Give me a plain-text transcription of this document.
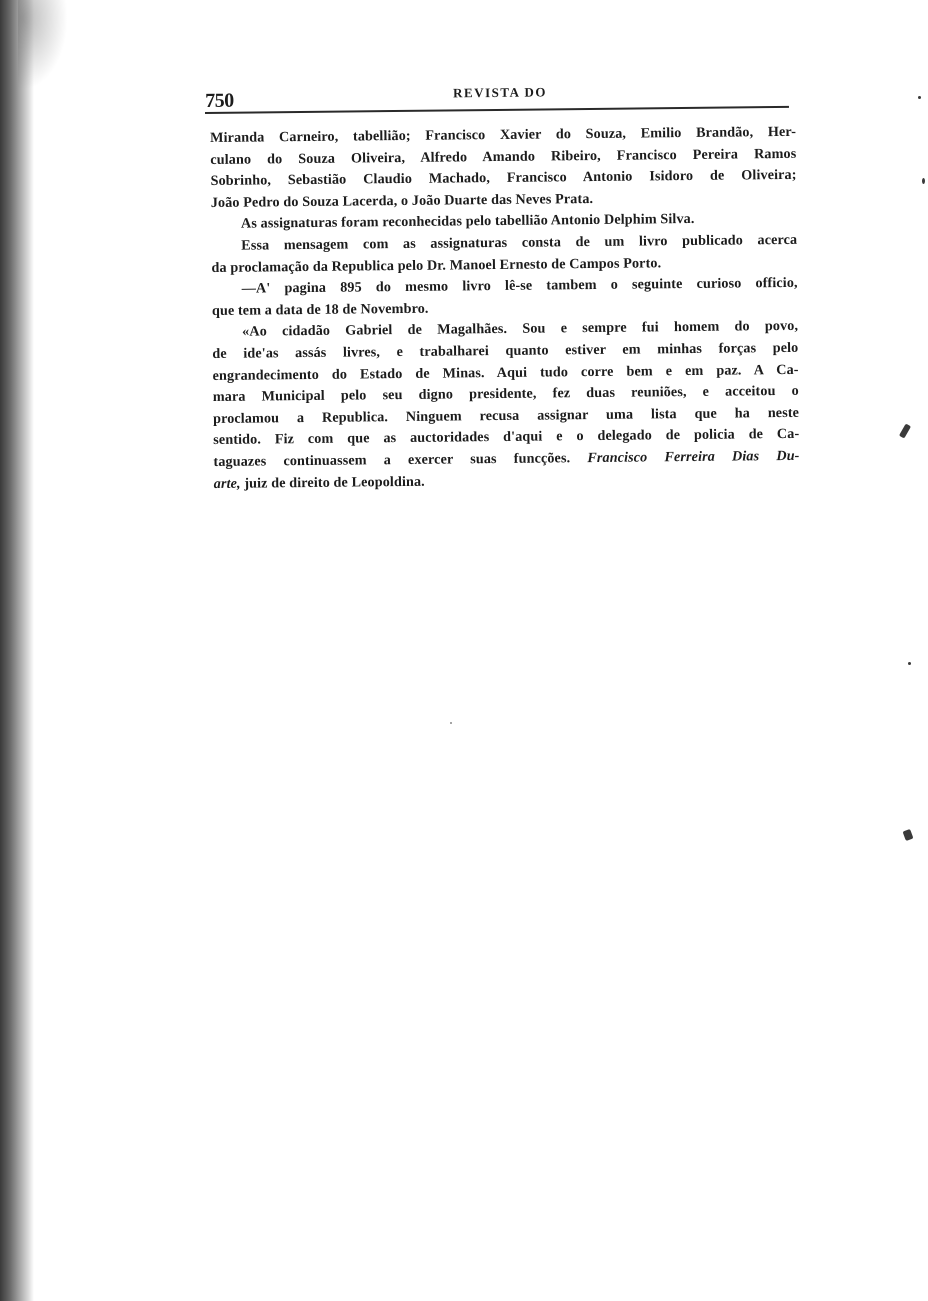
750	REVISTA DO
Miranda Carneiro, tabellião; Francisco Xavier do Souza, Emilio Brandão, Her-
culano do Souza Oliveira, Alfredo Amando Ribeiro, Francisco Pereira Ramos
Sobrinho, Sebastião Claudio Machado, Francisco Antonio Isidoro de Oliveira;
João Pedro do Souza Lacerda, o João Duarte das Neves Prata.
As assignaturas foram reconhecidas pelo tabellião Antonio Delphim Silva.
Essa mensagem com as assignaturas consta de um livro publicado acerca
da proclamação da Republica pelo Dr. Manoel Ernesto de Campos Porto.
—A' pagina 895 do mesmo livro lê-se tambem o seguinte curioso officio,
que tem a data de 18 de Novembro.
«Ao cidadão Gabriel de Magalhães. Sou e sempre fui homem do povo,
de ide'as assás livres, e trabalharei quanto estiver em minhas forças pelo
engrandecimento do Estado de Minas. Aqui tudo corre bem e em paz. A Ca-
mara Municipal pelo seu digno presidente, fez duas reuniões, e acceitou o
proclamou a Republica. Ninguem recusa assignar uma lista que ha neste
sentido. Fiz com que as auctoridades d'aqui e o delegado de policia de Ca-
taguazes continuassem a exercer suas funcções. Francisco Ferreira Dias Du-
arte, juiz de direito de Leopoldina.
